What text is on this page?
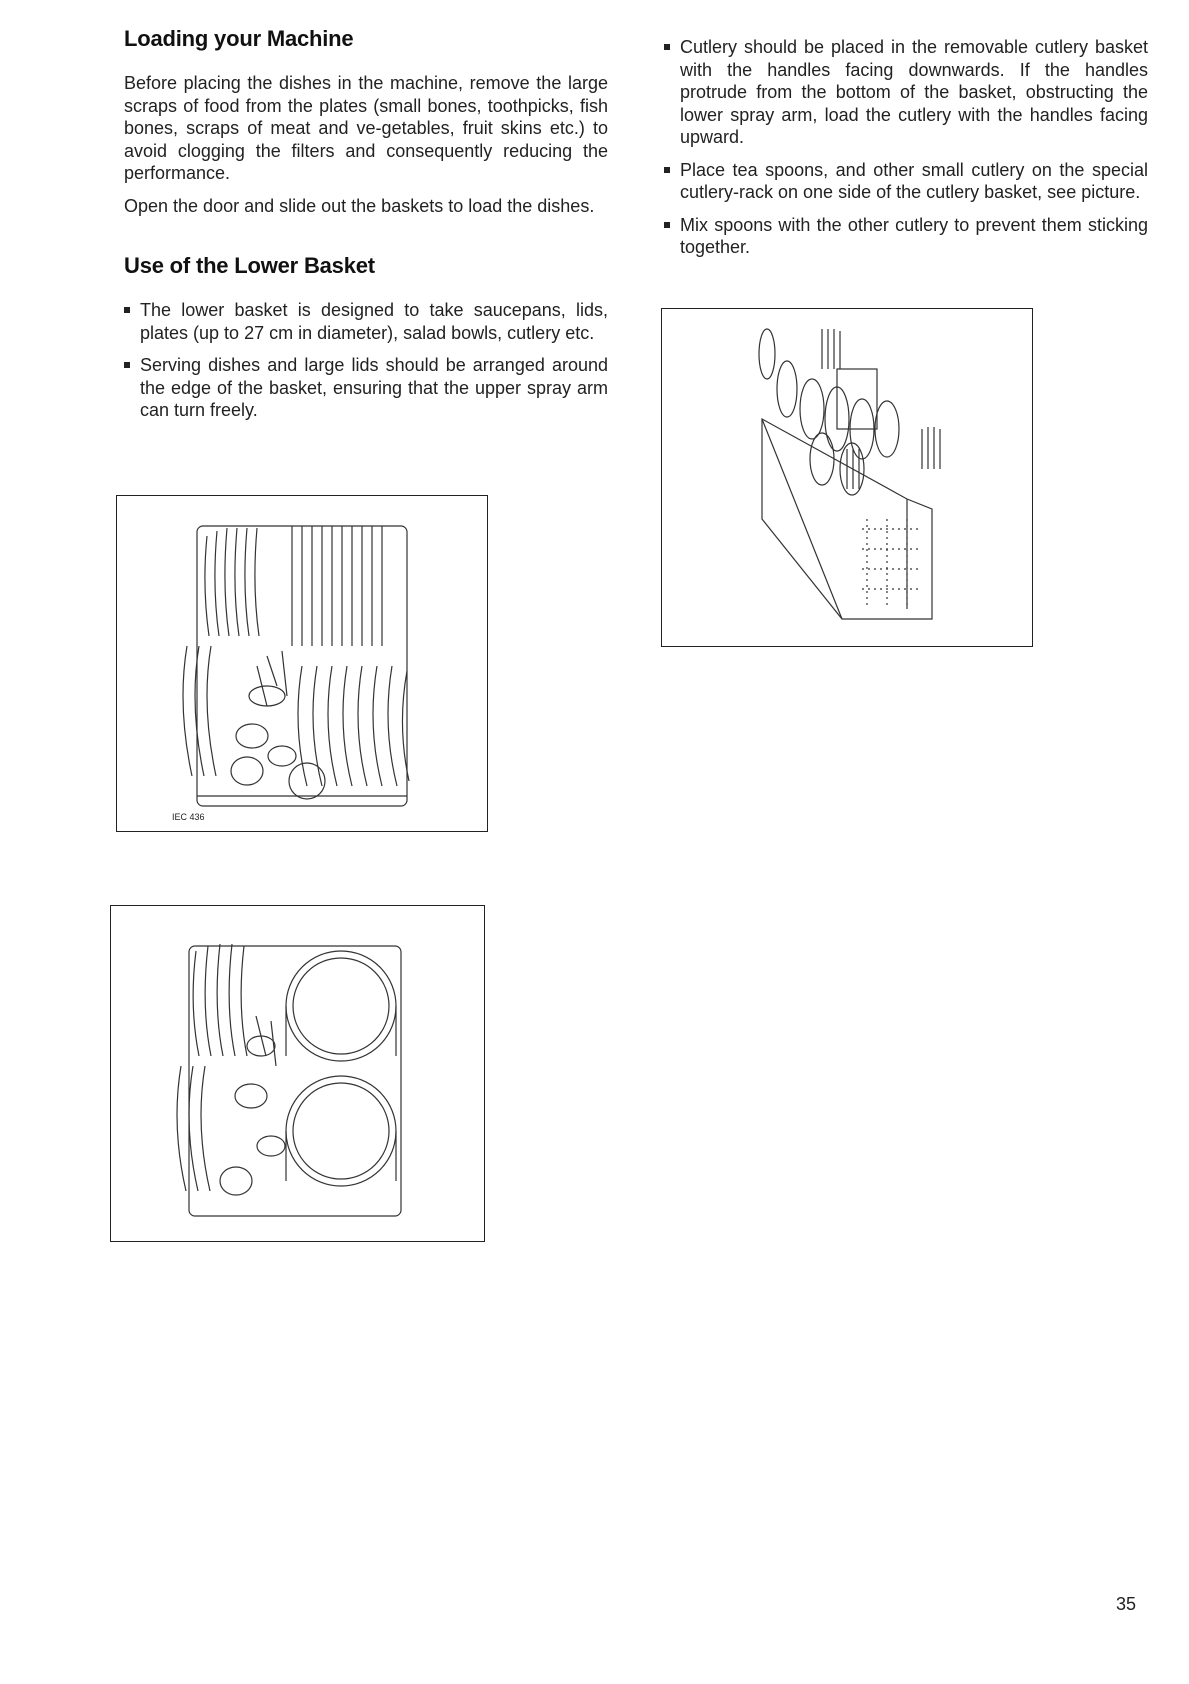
Loading your Machine

Before placing the dishes in the machine, remove the large scraps of food from the plates (small bones, toothpicks, fish bones, scraps of meat and ve-getables, fruit skins etc.) to avoid clogging the filters and consequently reducing the performance.

Open the door and slide out the baskets to load the dishes.

Use of the Lower Basket
The lower basket is designed to take saucepans, lids, plates (up to 27 cm in diameter), salad bowls, cutlery etc.
Serving dishes and large lids should be arranged around the edge of the basket, ensuring that the upper spray arm can turn freely.
Cutlery should be placed in the removable cutlery basket with the handles facing downwards. If the handles protrude from the bottom of the basket, obstructing the lower spray arm, load the cutlery with the handles facing upward.
Place tea spoons, and other small cutlery on the special cutlery-rack on one side of the cutlery basket, see picture.
Mix spoons with the other cutlery to prevent them sticking together.
IEC 436
35
